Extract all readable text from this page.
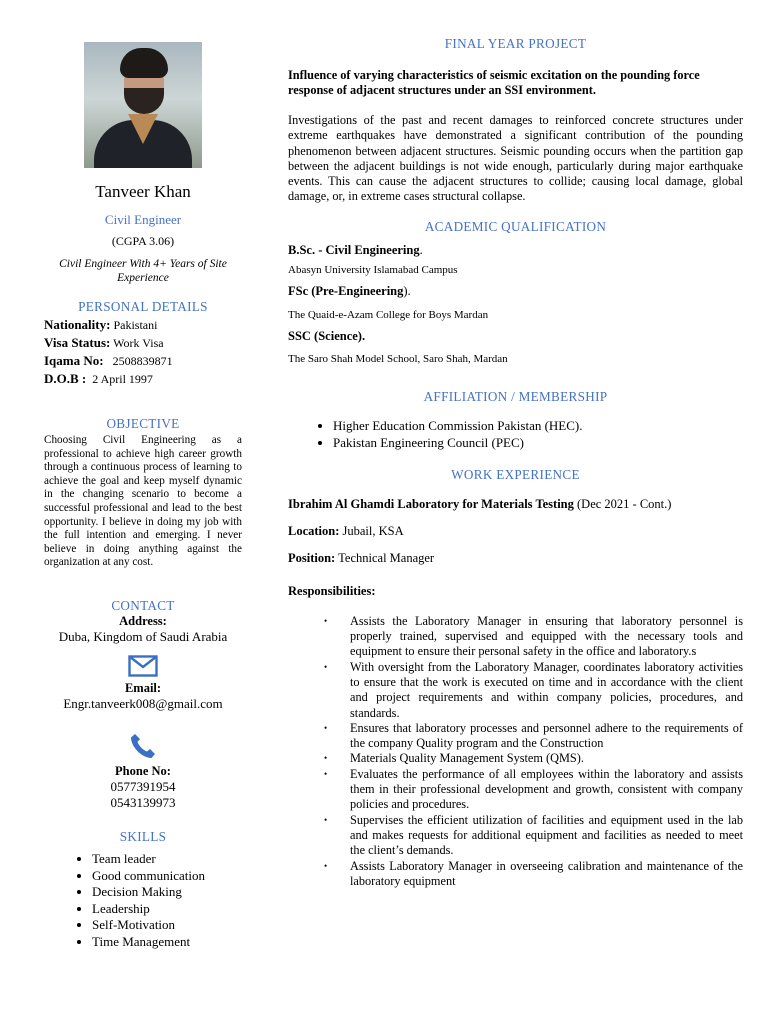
Tanveer Khan
Civil Engineer
(CGPA 3.06)
Civil Engineer With 4+ Years of Site Experience
PERSONAL DETAILS
Nationality: Pakistani
Visa Status: Work Visa
Iqama No: 2508839871
D.O.B : 2 April 1997
OBJECTIVE
Choosing Civil Engineering as a professional to achieve high career growth through a continuous process of learning to achieve the goal and keep myself dynamic in the changing scenario to become a successful professional and lead to the best opportunity. I believe in doing my job with the full intention and emerging. I never believe in doing anything against the organization at any cost.
CONTACT
Address:
Duba, Kingdom of Saudi Arabia
Email:
Engr.tanveerk008@gmail.com
Phone No:
0577391954
0543139973
SKILLS
• Team leader
• Good communication
• Decision Making
• Leadership
• Self-Motivation
• Time Management
FINAL YEAR PROJECT
Influence of varying characteristics of seismic excitation on the pounding force response of adjacent structures under an SSI environment.
Investigations of the past and recent damages to reinforced concrete structures under extreme earthquakes have demonstrated a significant contribution of the pounding phenomenon between adjacent structures. Seismic pounding occurs when the partition gap between the adjacent buildings is not wide enough, particularly during major earthquake events. This can cause the adjacent structures to collide; causing local damage, global damage, or, in extreme cases structural collapse.
ACADEMIC QUALIFICATION
B.Sc. - Civil Engineering.
Abasyn University Islamabad Campus
FSc (Pre-Engineering).
The Quaid-e-Azam College for Boys Mardan
SSC (Science).
The Saro Shah Model School, Saro Shah, Mardan
AFFILIATION / MEMBERSHIP
• Higher Education Commission Pakistan (HEC).
• Pakistan Engineering Council (PEC)
WORK EXPERIENCE
Ibrahim Al Ghamdi Laboratory for Materials Testing (Dec 2021 - Cont.)
Location: Jubail, KSA
Position: Technical Manager
Responsibilities:
• Assists the Laboratory Manager in ensuring that laboratory personnel is properly trained, supervised and equipped with the necessary tools and equipment to ensure their personal safety in the office and laboratory.s
• With oversight from the Laboratory Manager, coordinates laboratory activities to ensure that the work is executed on time and in accordance with the client and project requirements and within company policies, procedures, and standards.
• Ensures that laboratory processes and personnel adhere to the requirements of the company Quality program and the Construction
• Materials Quality Management System (QMS).
• Evaluates the performance of all employees within the laboratory and assists them in their professional development and growth, consistent with company policies and procedures.
• Supervises the efficient utilization of facilities and equipment used in the lab and makes requests for additional equipment and facilities as needed to meet the client’s demands.
• Assists Laboratory Manager in overseeing calibration and maintenance of the laboratory equipment
